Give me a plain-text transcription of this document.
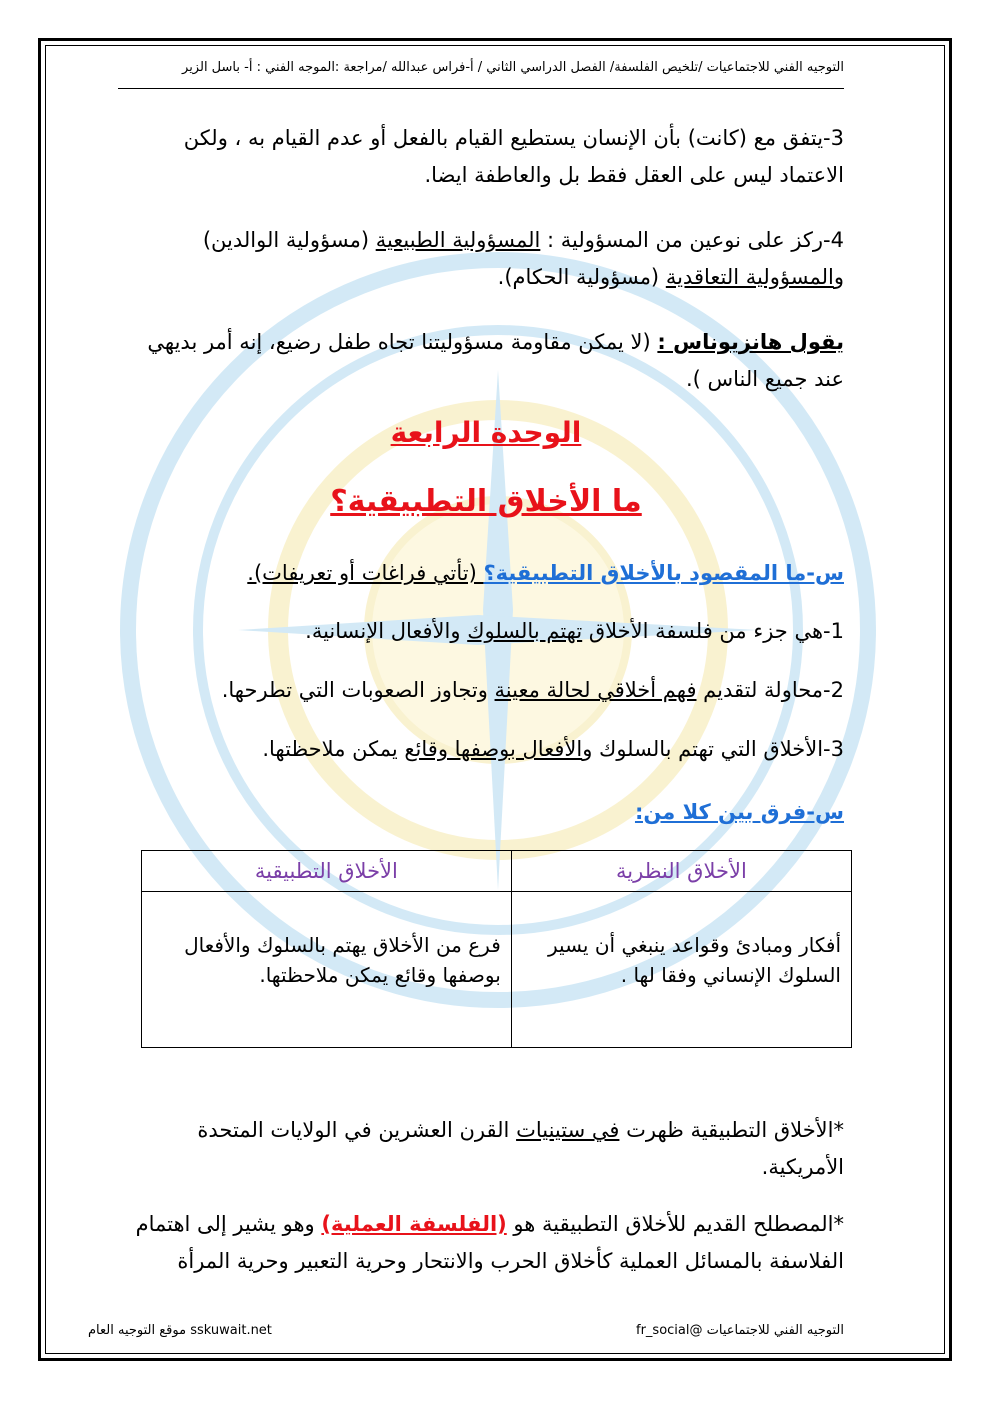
التوجيه الفني للاجتماعيات /تلخيص الفلسفة/ الفصل الدراسي الثاني / أ-فراس عبدالله /مراجعة :الموجه الفني : أ- باسل الزير
3-يتفق مع (كانت) بأن الإنسان يستطيع القيام بالفعل أو عدم القيام به ، ولكن الاعتماد ليس على العقل فقط بل والعاطفة ايضا.
4-ركز على نوعين من المسؤولية : المسؤولية الطبيعية (مسؤولية الوالدين) والمسؤولية التعاقدية (مسؤولية الحكام).
يقول هانزيوناس : (لا يمكن مقاومة مسؤوليتنا تجاه طفل رضيع، إنه أمر بديهي عند جميع الناس ).
الوحدة الرابعة
ما الأخلاق التطبيقية؟
س-ما المقصود بالأخلاق التطبيقية؟ (تأتي فراغات أو تعريفات).
1-هي جزء من فلسفة الأخلاق تهتم بالسلوك والأفعال الإنسانية.
2-محاولة لتقديم فهم أخلاقي لحالة معينة وتجاوز الصعوبات التي تطرحها.
3-الأخلاق التي تهتم بالسلوك والأفعال بوصفها وقائع يمكن ملاحظتها.
س-فرق بين كلا من:
الأخلاق النظرية	الأخلاق التطبيقية
أفكار ومبادئ وقواعد ينبغي أن يسير السلوك الإنساني وفقا لها .	فرع من الأخلاق يهتم بالسلوك والأفعال بوصفها وقائع يمكن ملاحظتها.
*الأخلاق التطبيقية ظهرت في ستينيات القرن العشرين في الولايات المتحدة الأمريكية.
*المصطلح القديم للأخلاق التطبيقية هو (الفلسفة العملية) وهو يشير إلى اهتمام الفلاسفة بالمسائل العملية كأخلاق الحرب والانتحار وحرية التعبير وحرية المرأة
التوجيه الفني للاجتماعيات @fr_social
sskuwait.net موقع التوجيه العام
